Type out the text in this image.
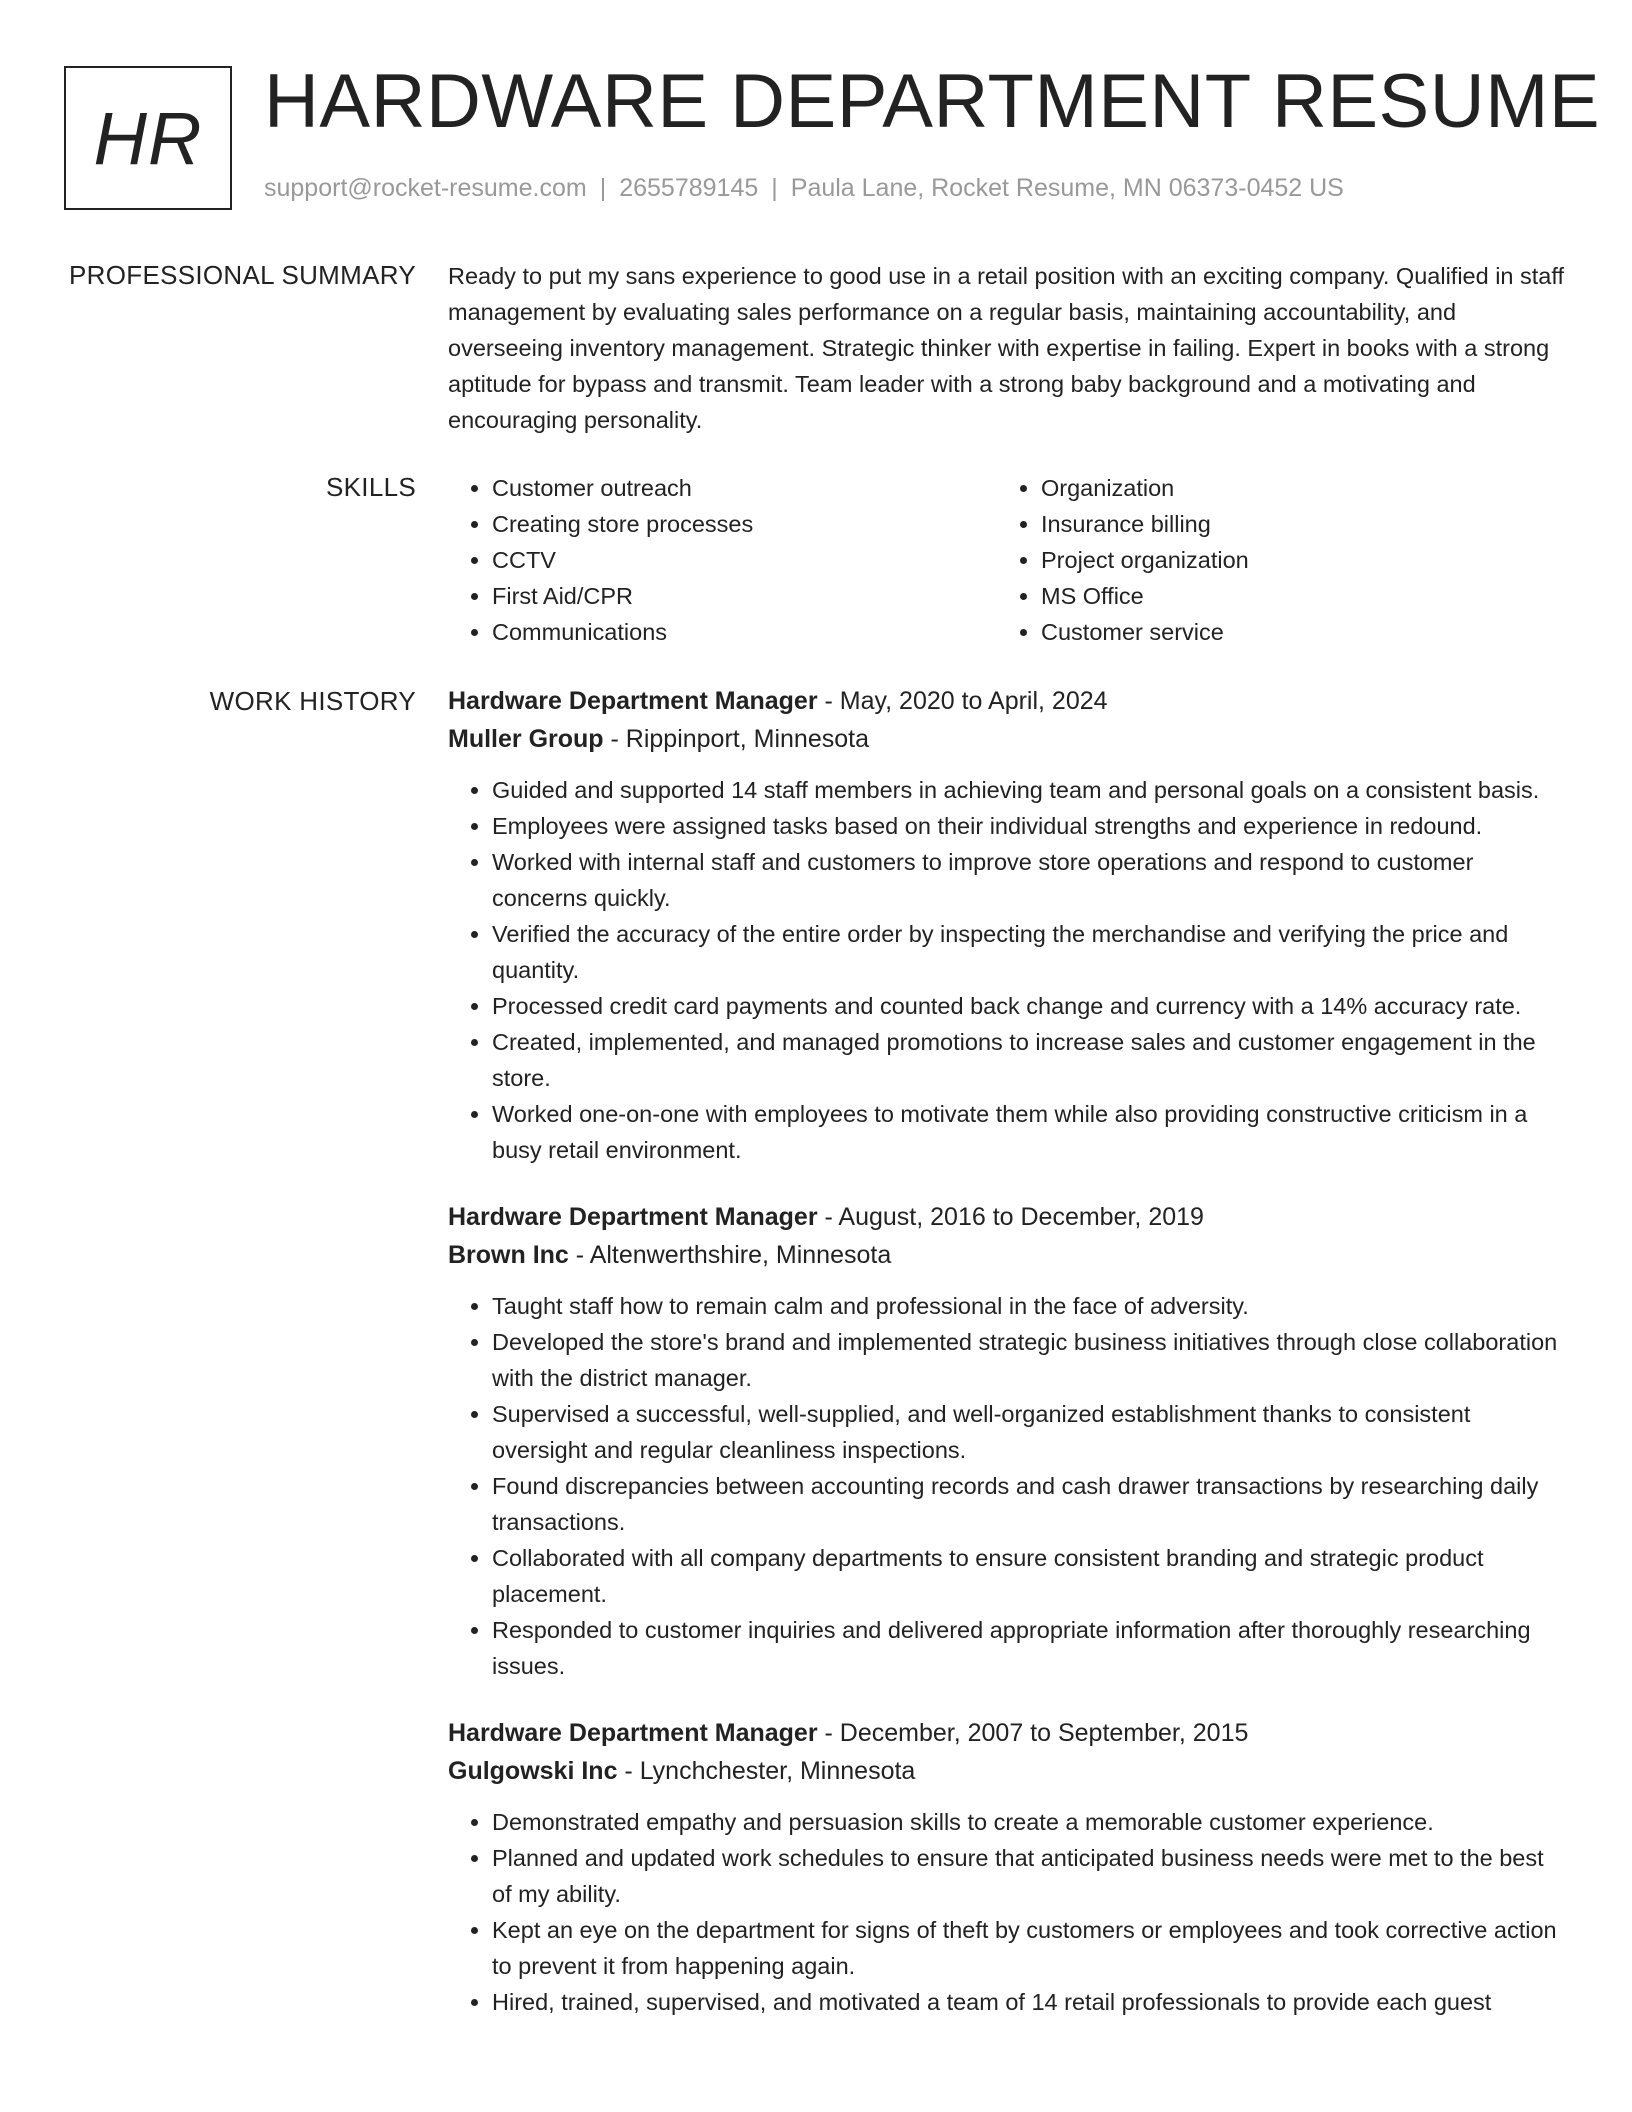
HR HARDWARE DEPARTMENT RESUME
support@rocket-resume.com | 2655789145 | Paula Lane, Rocket Resume, MN 06373-0452 US
PROFESSIONAL SUMMARY Ready to put my sans experience to good use in a retail position with an exciting company. Qualified in staff management by evaluating sales performance on a regular basis, maintaining accountability, and overseeing inventory management. Strategic thinker with expertise in failing. Expert in books with a strong aptitude for bypass and transmit. Team leader with a strong baby background and a motivating and encouraging personality.

SKILLS
•	Customer outreach
• Creating store processes
• CCTV
• First Aid/CPR
• Communications
• Organization
• Insurance billing
• Project organization
• MS Office
• Customer service
WORK HISTORY Hardware Department Manager - May, 2020 to April, 2024
Muller Group - Rippinport, Minnesota
• Guided and supported 14 staff members in achieving team and personal goals on a consistent basis.
• Employees were assigned tasks based on their individual strengths and experience in redound.
• Worked with internal staff and customers to improve store operations and respond to customer concerns quickly.
• Verified the accuracy of the entire order by inspecting the merchandise and verifying the price and quantity.
• Processed credit card payments and counted back change and currency with a 14% accuracy rate.
• Created, implemented, and managed promotions to increase sales and customer engagement in the store.
• Worked one-on-one with employees to motivate them while also providing constructive criticism in a busy retail environment.
Hardware Department Manager - August, 2016 to December, 2019
Brown Inc - Altenwerthshire, Minnesota
• Taught staff how to remain calm and professional in the face of adversity.
• Developed the store's brand and implemented strategic business initiatives through close collaboration with the district manager.
• Supervised a successful, well-supplied, and well-organized establishment thanks to consistent oversight and regular cleanliness inspections.
• Found discrepancies between accounting records and cash drawer transactions by researching daily transactions.
• Collaborated with all company departments to ensure consistent branding and strategic product placement.
• Responded to customer inquiries and delivered appropriate information after thoroughly researching issues.
Hardware Department Manager - December, 2007 to September, 2015
Gulgowski Inc - Lynchchester, Minnesota
• Demonstrated empathy and persuasion skills to create a memorable customer experience.
• Planned and updated work schedules to ensure that anticipated business needs were met to the best of my ability.
• Kept an eye on the department for signs of theft by customers or employees and took corrective action to prevent it from happening again.
• Hired, trained, supervised, and motivated a team of 14 retail professionals to provide each guest
